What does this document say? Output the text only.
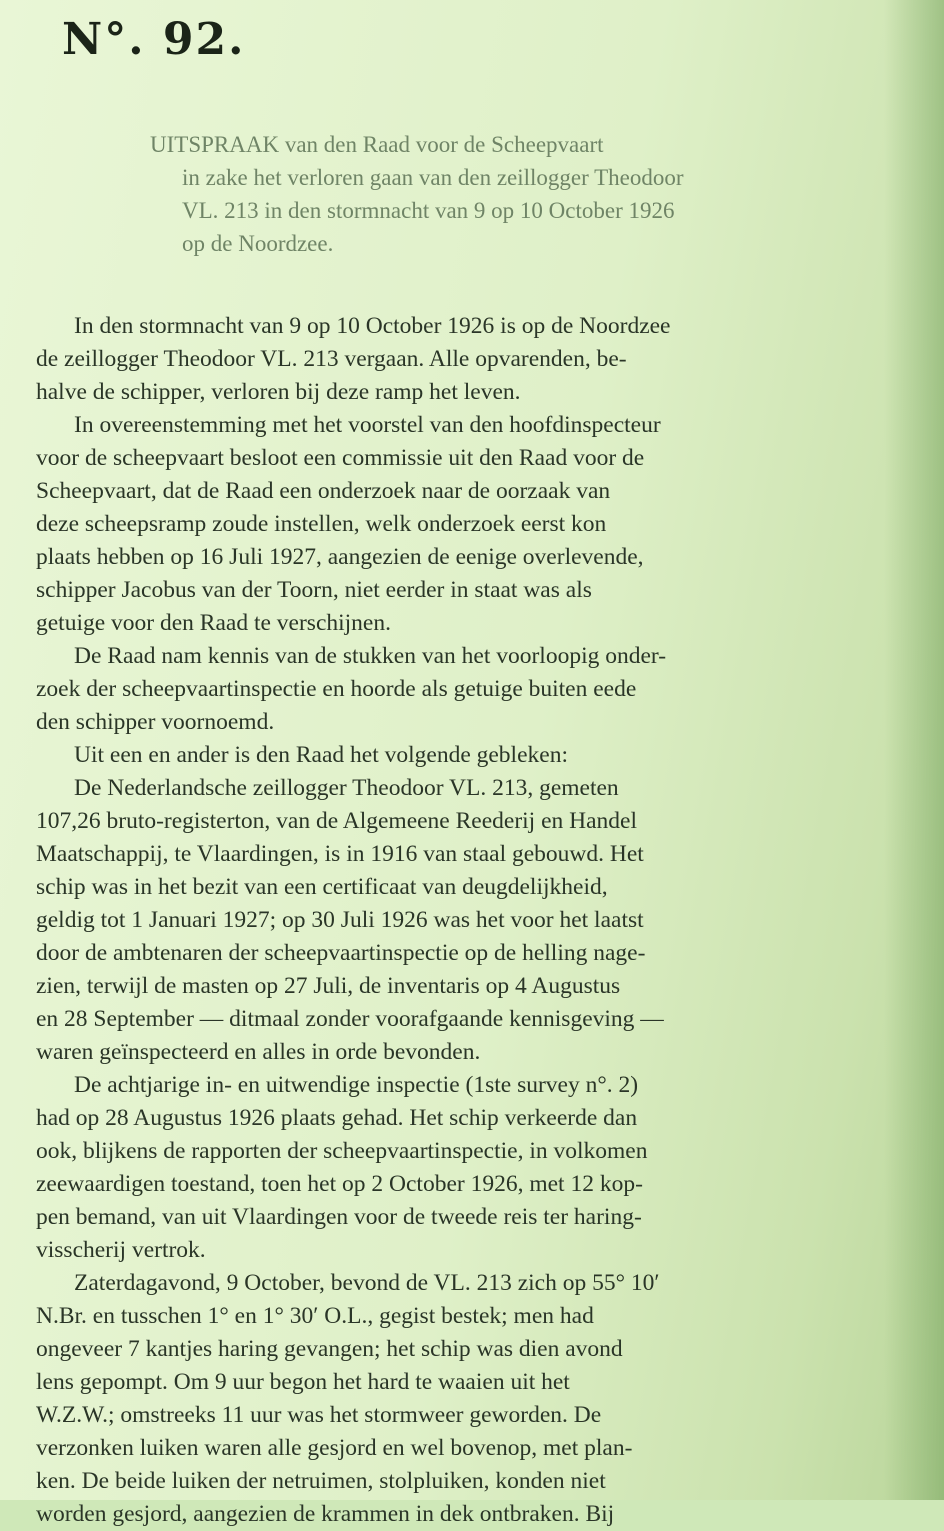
N°. 92.
UITSPRAAK van den Raad voor de Scheepvaart
in zake het verloren gaan van den zeillogger Theodoor
VL. 213 in den stormnacht van 9 op 10 October 1926
op de Noordzee.
In den stormnacht van 9 op 10 October 1926 is op de Noordzee
de zeillogger Theodoor VL. 213 vergaan. Alle opvarenden, be-
halve de schipper, verloren bij deze ramp het leven.
In overeenstemming met het voorstel van den hoofdinspecteur
voor de scheepvaart besloot een commissie uit den Raad voor de
Scheepvaart, dat de Raad een onderzoek naar de oorzaak van
deze scheepsramp zoude instellen, welk onderzoek eerst kon
plaats hebben op 16 Juli 1927, aangezien de eenige overlevende,
schipper Jacobus van der Toorn, niet eerder in staat was als
getuige voor den Raad te verschijnen.
De Raad nam kennis van de stukken van het voorloopig onder-
zoek der scheepvaartinspectie en hoorde als getuige buiten eede
den schipper voornoemd.
Uit een en ander is den Raad het volgende gebleken:
De Nederlandsche zeillogger Theodoor VL. 213, gemeten
107,26 bruto-registerton, van de Algemeene Reederij en Handel
Maatschappij, te Vlaardingen, is in 1916 van staal gebouwd. Het
schip was in het bezit van een certificaat van deugdelijkheid,
geldig tot 1 Januari 1927; op 30 Juli 1926 was het voor het laatst
door de ambtenaren der scheepvaartinspectie op de helling nage-
zien, terwijl de masten op 27 Juli, de inventaris op 4 Augustus
en 28 September — ditmaal zonder voorafgaande kennisgeving —
waren geïnspecteerd en alles in orde bevonden.
De achtjarige in- en uitwendige inspectie (1ste survey n°. 2)
had op 28 Augustus 1926 plaats gehad. Het schip verkeerde dan
ook, blijkens de rapporten der scheepvaartinspectie, in volkomen
zeewaardigen toestand, toen het op 2 October 1926, met 12 kop-
pen bemand, van uit Vlaardingen voor de tweede reis ter haring-
visscherij vertrok.
Zaterdagavond, 9 October, bevond de VL. 213 zich op 55° 10′
N.Br. en tusschen 1° en 1° 30′ O.L., gegist bestek; men had
ongeveer 7 kantjes haring gevangen; het schip was dien avond
lens gepompt. Om 9 uur begon het hard te waaien uit het
W.Z.W.; omstreeks 11 uur was het stormweer geworden. De
verzonken luiken waren alle gesjord en wel bovenop, met plan-
ken. De beide luiken der netruimen, stolpluiken, konden niet
worden gesjord, aangezien de krammen in dek ontbraken. Bij
